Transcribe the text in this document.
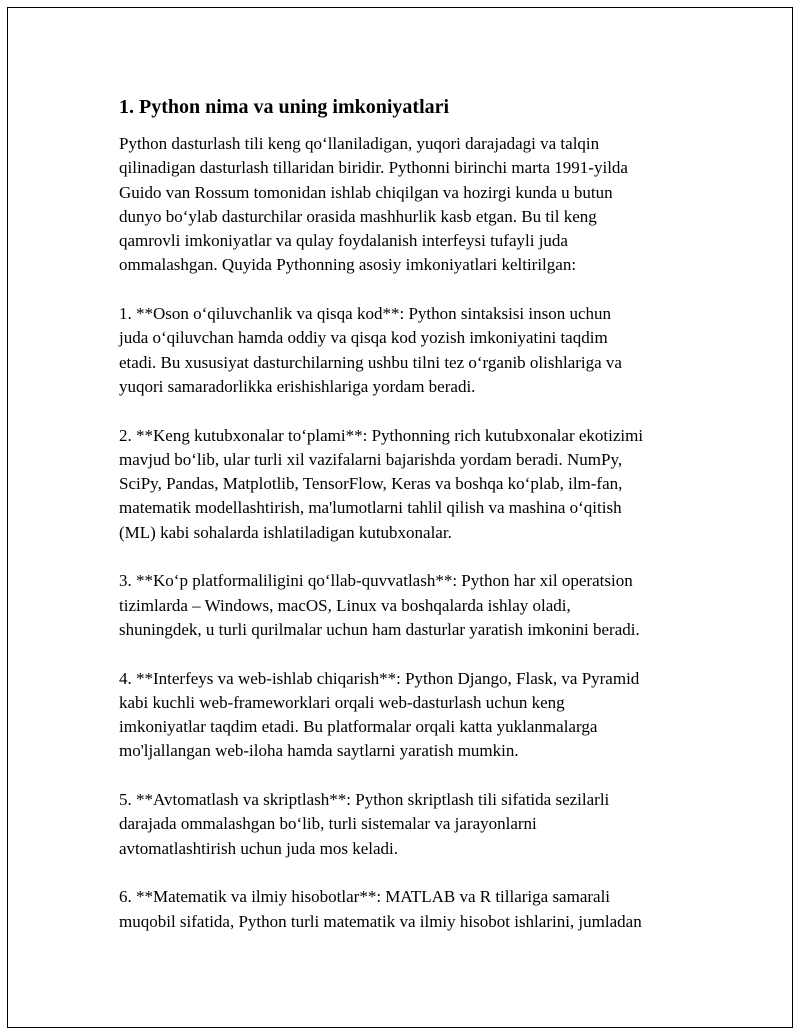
1. Python nima va uning imkoniyatlari
Python dasturlash tili keng qo‘llaniladigan, yuqori darajadagi va talqin
qilinadigan dasturlash tillaridan biridir. Pythonni birinchi marta 1991-yilda
Guido van Rossum tomonidan ishlab chiqilgan va hozirgi kunda u butun
dunyo bo‘ylab dasturchilar orasida mashhurlik kasb etgan. Bu til keng
qamrovli imkoniyatlar va qulay foydalanish interfeysi tufayli juda
ommalashgan. Quyida Pythonning asosiy imkoniyatlari keltirilgan:
1. **Oson o‘qiluvchanlik va qisqa kod**: Python sintaksisi inson uchun
juda o‘qiluvchan hamda oddiy va qisqa kod yozish imkoniyatini taqdim
etadi. Bu xususiyat dasturchilarning ushbu tilni tez o‘rganib olishlariga va
yuqori samaradorlikka erishishlariga yordam beradi.
2. **Keng kutubxonalar to‘plami**: Pythonning rich kutubxonalar ekotizimi
mavjud bo‘lib, ular turli xil vazifalarni bajarishda yordam beradi. NumPy,
SciPy, Pandas, Matplotlib, TensorFlow, Keras va boshqa ko‘plab, ilm-fan,
matematik modellashtirish, ma'lumotlarni tahlil qilish va mashina o‘qitish
(ML) kabi sohalarda ishlatiladigan kutubxonalar.
3. **Ko‘p platformaliligini qo‘llab-quvvatlash**: Python har xil operatsion
tizimlarda – Windows, macOS, Linux va boshqalarda ishlay oladi,
shuningdek, u turli qurilmalar uchun ham dasturlar yaratish imkonini beradi.
4. **Interfeys va web-ishlab chiqarish**: Python Django, Flask, va Pyramid
kabi kuchli web-frameworklari orqali web-dasturlash uchun keng
imkoniyatlar taqdim etadi. Bu platformalar orqali katta yuklanmalarga
mo'ljallangan web-iloha hamda saytlarni yaratish mumkin.
5. **Avtomatlash va skriptlash**: Python skriptlash tili sifatida sezilarli
darajada ommalashgan bo‘lib, turli sistemalar va jarayonlarni
avtomatlashtirish uchun juda mos keladi.
6. **Matematik va ilmiy hisobotlar**: MATLAB va R tillariga samarali
muqobil sifatida, Python turli matematik va ilmiy hisobot ishlarini, jumladan
